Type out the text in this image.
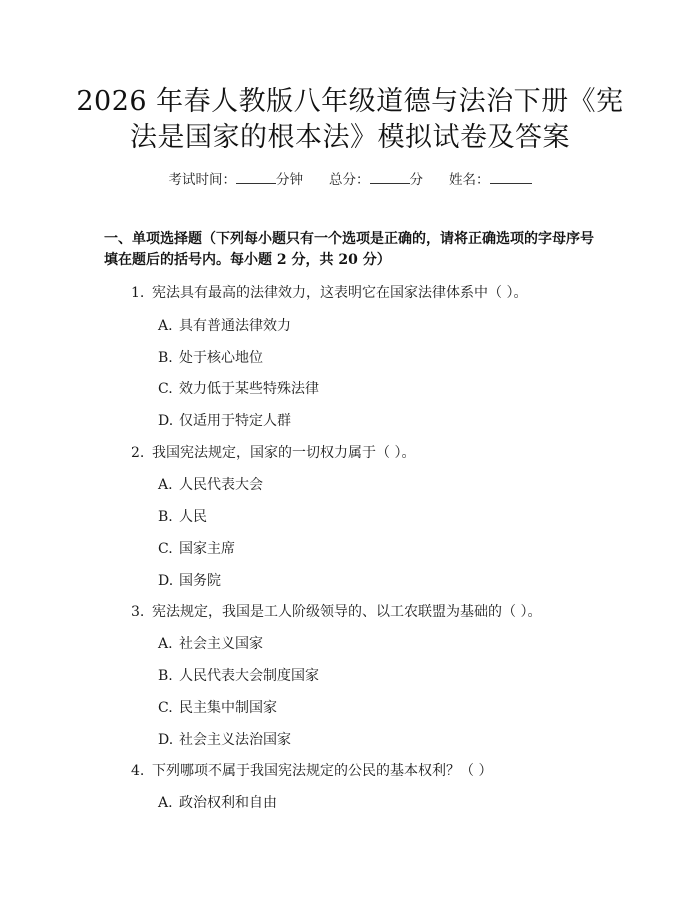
2026 年春人教版八年级道德与法治下册《宪
法是国家的根本法》模拟试卷及答案
考试时间：	分钟 总分：	分 姓名：
一、单项选择题（下列每小题只有一个选项是正确的，请将正确选项的字母序号
填在题后的括号内。每小题 2 分，共 20 分）
1. 宪法具有最高的法律效力，这表明它在国家法律体系中（ ）。
A. 具有普通法律效力
B. 处于核心地位
C. 效力低于某些特殊法律
D. 仅适用于特定人群
2. 我国宪法规定，国家的一切权力属于（ ）。
A. 人民代表大会
B. 人民
C. 国家主席
D. 国务院
3. 宪法规定，我国是工人阶级领导的、以工农联盟为基础的（ ）。
A. 社会主义国家
B. 人民代表大会制度国家
C. 民主集中制国家
D. 社会主义法治国家
4. 下列哪项不属于我国宪法规定的公民的基本权利？（ ）
A. 政治权利和自由
